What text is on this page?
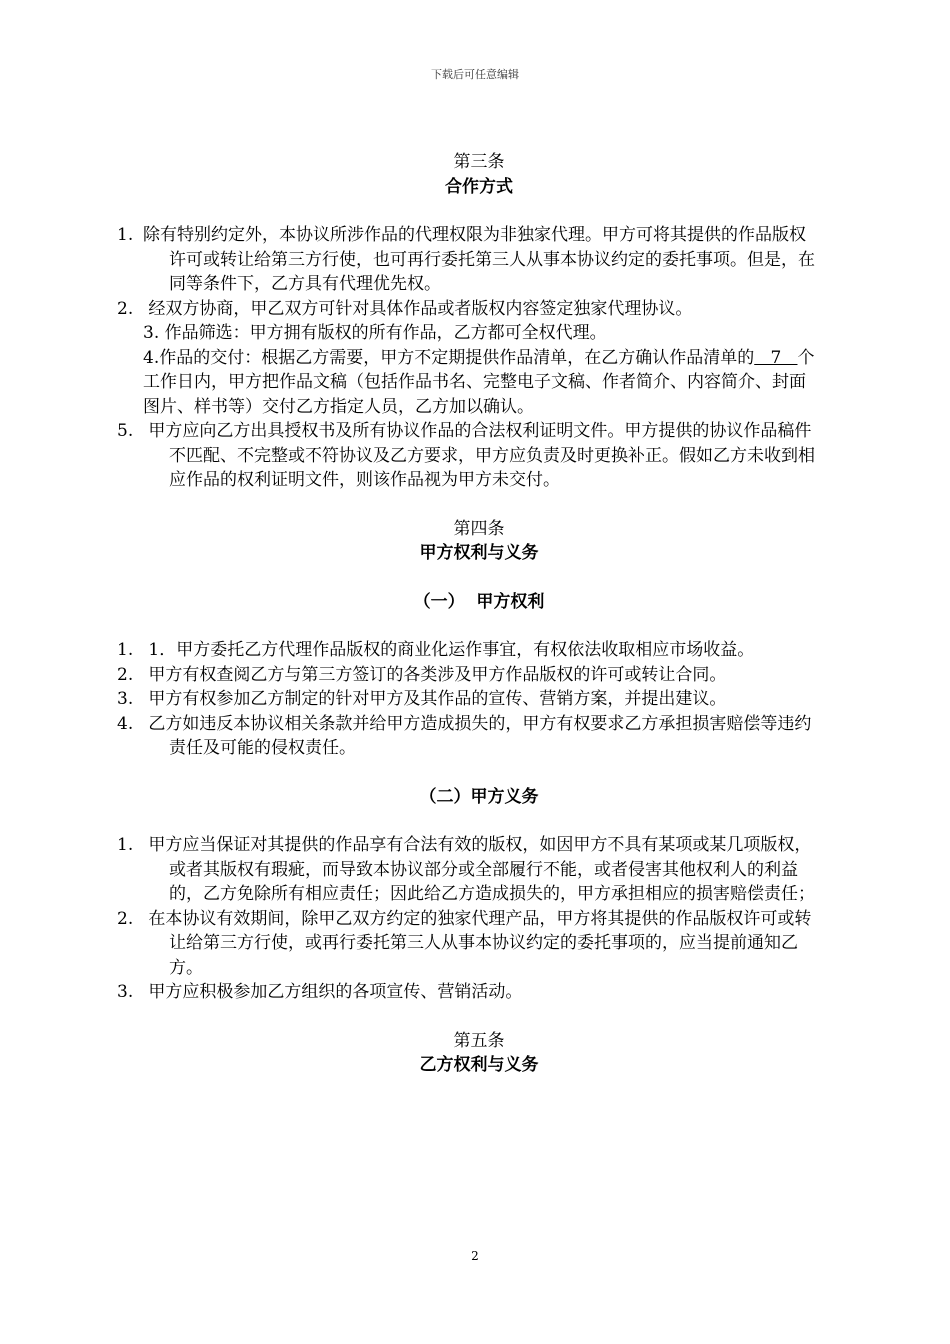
下载后可任意编辑
第三条
合作方式
1. 除有特别约定外，本协议所涉作品的代理权限为非独家代理。甲方可将其提供的作品版权许可或转让给第三方行使，也可再行委托第三人从事本协议约定的委托事项。但是，在同等条件下，乙方具有代理优先权。
2. 经双方协商，甲乙双方可针对具体作品或者版权内容签定独家代理协议。
3. 作品筛选：甲方拥有版权的所有作品，乙方都可全权代理。
4.作品的交付：根据乙方需要，甲方不定期提供作品清单，在乙方确认作品清单的   7   个工作日内，甲方把作品文稿（包括作品书名、完整电子文稿、作者简介、内容简介、封面图片、样书等）交付乙方指定人员，乙方加以确认。
5. 甲方应向乙方出具授权书及所有协议作品的合法权利证明文件。甲方提供的协议作品稿件不匹配、不完整或不符协议及乙方要求，甲方应负责及时更换补正。假如乙方未收到相应作品的权利证明文件，则该作品视为甲方未交付。
第四条
甲方权利与义务
（一）  甲方权利
1. 1．甲方委托乙方代理作品版权的商业化运作事宜，有权依法收取相应市场收益。
2. 甲方有权查阅乙方与第三方签订的各类涉及甲方作品版权的许可或转让合同。
3. 甲方有权参加乙方制定的针对甲方及其作品的宣传、营销方案，并提出建议。
4. 乙方如违反本协议相关条款并给甲方造成损失的，甲方有权要求乙方承担损害赔偿等违约责任及可能的侵权责任。
（二）甲方义务
1. 甲方应当保证对其提供的作品享有合法有效的版权，如因甲方不具有某项或某几项版权，或者其版权有瑕疵，而导致本协议部分或全部履行不能，或者侵害其他权利人的利益的，乙方免除所有相应责任；因此给乙方造成损失的，甲方承担相应的损害赔偿责任；
2. 在本协议有效期间，除甲乙双方约定的独家代理产品，甲方将其提供的作品版权许可或转让给第三方行使，或再行委托第三人从事本协议约定的委托事项的，应当提前通知乙方。
3. 甲方应积极参加乙方组织的各项宣传、营销活动。
第五条
乙方权利与义务
2
